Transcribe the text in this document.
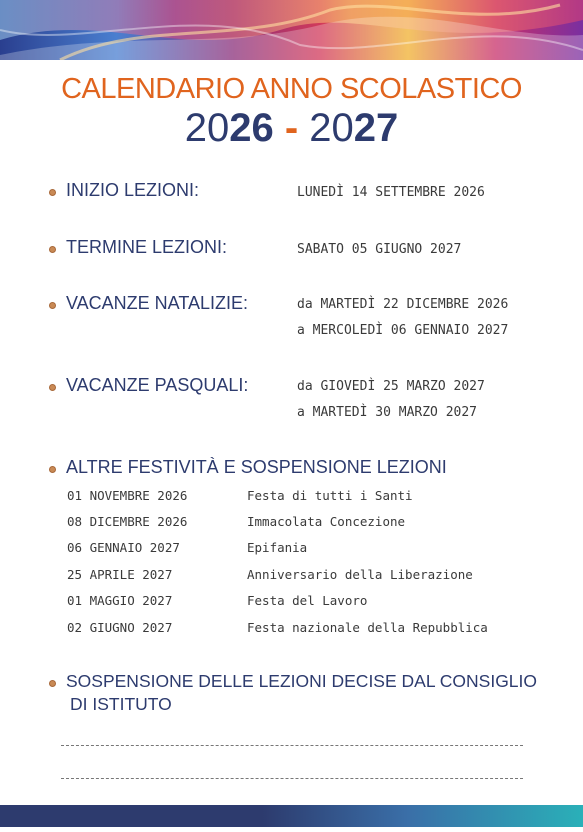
CALENDARIO ANNO SCOLASTICO
2026 - 2027
INIZIO LEZIONI:	LUNEDÌ 14 SETTEMBRE 2026
TERMINE LEZIONI:	SABATO 05 GIUGNO 2027
VACANZE NATALIZIE:	da MARTEDÌ 22 DICEMBRE 2026
a MERCOLEDÌ 06 GENNAIO 2027
VACANZE PASQUALI:	da GIOVEDÌ 25 MARZO 2027
a MARTEDÌ 30 MARZO 2027
ALTRE FESTIVITÀ E SOSPENSIONE LEZIONI
01 NOVEMBRE 2026	Festa di tutti i Santi
08 DICEMBRE 2026	Immacolata Concezione
06 GENNAIO 2027	Epifania
25 APRILE 2027	Anniversario della Liberazione
01 MAGGIO 2027	Festa del Lavoro
02 GIUGNO 2027	Festa nazionale della Repubblica
SOSPENSIONE DELLE LEZIONI DECISE DAL CONSIGLIO
DI ISTITUTO
